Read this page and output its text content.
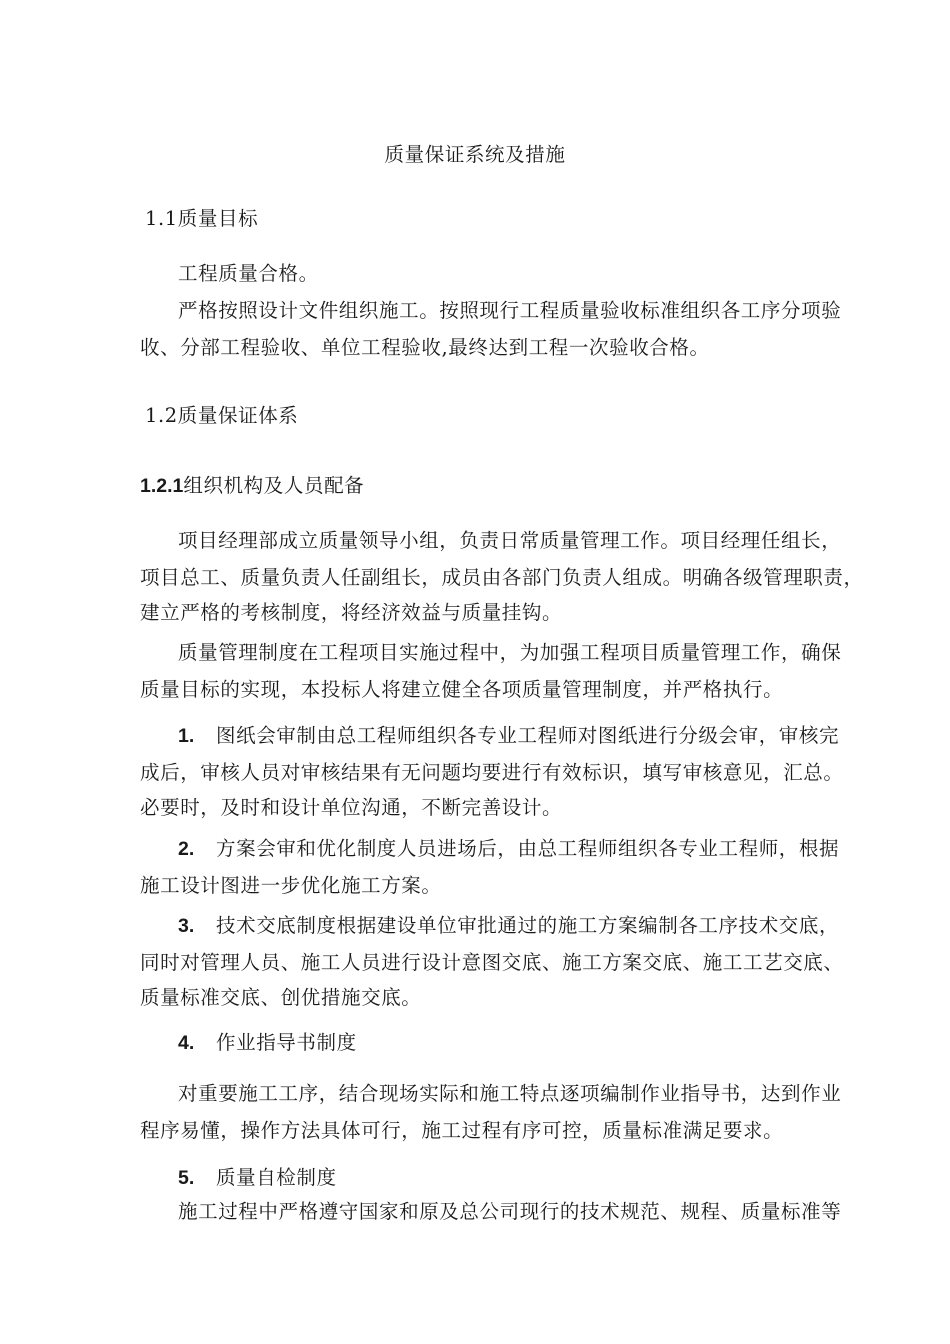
质量保证系统及措施
1.1质量目标
工程质量合格。
严格按照设计文件组织施工。按照现行工程质量验收标准组织各工序分项验
收、分部工程验收、单位工程验收,最终达到工程一次验收合格。
1.2质量保证体系
1.2.1组织机构及人员配备
项目经理部成立质量领导小组，负责日常质量管理工作。项目经理任组长，
项目总工、质量负责人任副组长，成员由各部门负责人组成。明确各级管理职责，
建立严格的考核制度，将经济效益与质量挂钩。
质量管理制度在工程项目实施过程中，为加强工程项目质量管理工作，确保
质量目标的实现，本投标人将建立健全各项质量管理制度，并严格执行。
1. 图纸会审制由总工程师组织各专业工程师对图纸进行分级会审，审核完
成后，审核人员对审核结果有无问题均要进行有效标识，填写审核意见，汇总。
必要时，及时和设计单位沟通，不断完善设计。
2. 方案会审和优化制度人员进场后，由总工程师组织各专业工程师，根据
施工设计图进一步优化施工方案。
3. 技术交底制度根据建设单位审批通过的施工方案编制各工序技术交底，
同时对管理人员、施工人员进行设计意图交底、施工方案交底、施工工艺交底、
质量标准交底、创优措施交底。
4. 作业指导书制度
对重要施工工序，结合现场实际和施工特点逐项编制作业指导书，达到作业
程序易懂，操作方法具体可行，施工过程有序可控，质量标准满足要求。
5. 质量自检制度
施工过程中严格遵守国家和原及总公司现行的技术规范、规程、质量标准等
